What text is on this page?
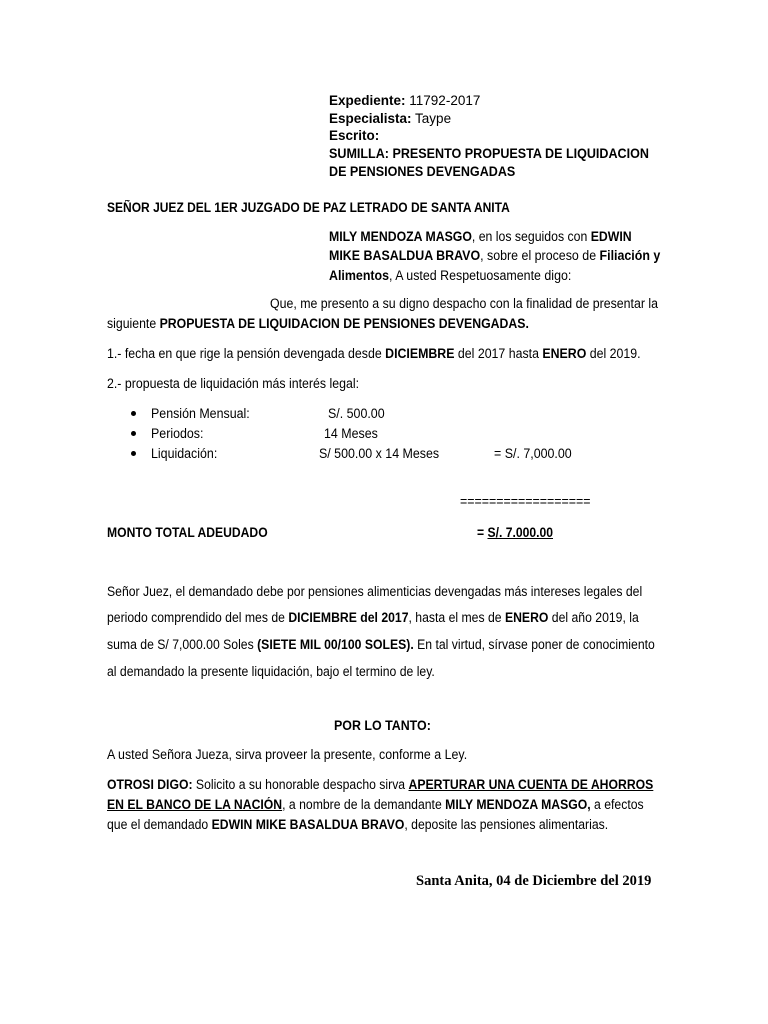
Expediente: 11792-2017
Especialista: Taype
Escrito:
SUMILLA: PRESENTO PROPUESTA DE LIQUIDACION
DE PENSIONES DEVENGADAS
SEÑOR JUEZ DEL 1ER JUZGADO DE PAZ LETRADO DE SANTA ANITA
MILY MENDOZA MASGO, en los seguidos con EDWIN
MIKE BASALDUA BRAVO, sobre el proceso de Filiación y
Alimentos, A usted Respetuosamente digo:
Que, me presento a su digno despacho con la finalidad de presentar la
siguiente PROPUESTA DE LIQUIDACION DE PENSIONES DEVENGADAS.
1.- fecha en que rige la pensión devengada desde DICIEMBRE del 2017 hasta ENERO del 2019.
2.- propuesta de liquidación más interés legal:
Pensión Mensual:	S/. 500.00
Periodos:	14 Meses
Liquidación:	S/ 500.00 x 14 Meses	= S/. 7,000.00
==================
MONTO TOTAL ADEUDADO	= S/. 7.000.00
Señor Juez, el demandado debe por pensiones alimenticias devengadas más intereses legales del
periodo comprendido del mes de DICIEMBRE del 2017, hasta el mes de ENERO del año 2019, la
suma de S/ 7,000.00 Soles (SIETE MIL 00/100 SOLES). En tal virtud, sírvase poner de conocimiento
al demandado la presente liquidación, bajo el termino de ley.
POR LO TANTO:
A usted Señora Jueza, sirva proveer la presente, conforme a Ley.
OTROSI DIGO: Solicito a su honorable despacho sirva APERTURAR UNA CUENTA DE AHORROS
EN EL BANCO DE LA NACIÓN, a nombre de la demandante MILY MENDOZA MASGO, a efectos
que el demandado EDWIN MIKE BASALDUA BRAVO, deposite las pensiones alimentarias.
Santa Anita, 04 de Diciembre del 2019
